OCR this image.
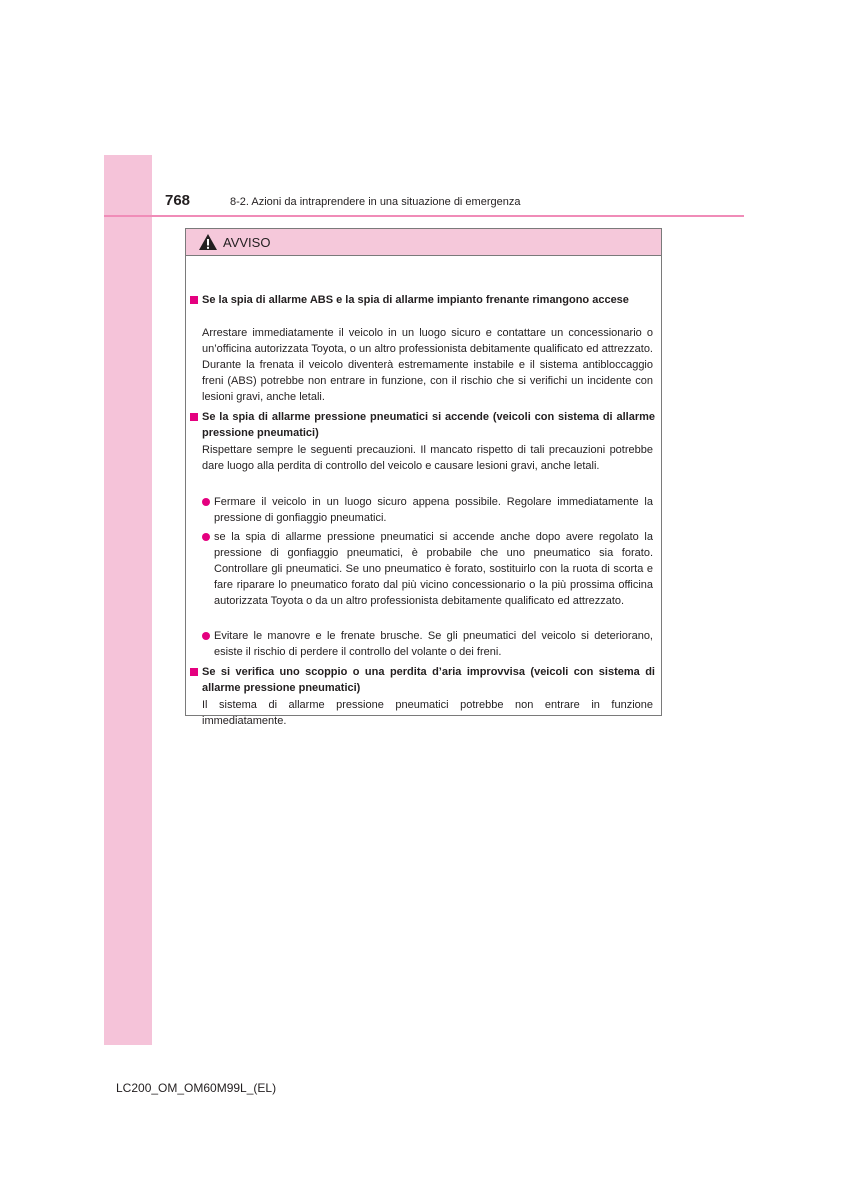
768	8-2. Azioni da intraprendere in una situazione di emergenza
AVVISO
Se la spia di allarme ABS e la spia di allarme impianto frenante rimangono accese
Arrestare immediatamente il veicolo in un luogo sicuro e contattare un concessionario o un’officina autorizzata Toyota, o un altro professionista debitamente qualificato ed attrezzato. Durante la frenata il veicolo diventerà estremamente instabile e il sistema antibloccaggio freni (ABS) potrebbe non entrare in funzione, con il rischio che si verifichi un incidente con lesioni gravi, anche letali.
Se la spia di allarme pressione pneumatici si accende (veicoli con sistema di allarme pressione pneumatici)
Rispettare sempre le seguenti precauzioni. Il mancato rispetto di tali precauzioni potrebbe dare luogo alla perdita di controllo del veicolo e causare lesioni gravi, anche letali.
Fermare il veicolo in un luogo sicuro appena possibile. Regolare immediatamente la pressione di gonfiaggio pneumatici.
se la spia di allarme pressione pneumatici si accende anche dopo avere regolato la pressione di gonfiaggio pneumatici, è probabile che uno pneumatico sia forato. Controllare gli pneumatici. Se uno pneumatico è forato, sostituirlo con la ruota di scorta e fare riparare lo pneumatico forato dal più vicino concessionario o la più prossima officina autorizzata Toyota o da un altro professionista debitamente qualificato ed attrezzato.
Evitare le manovre e le frenate brusche. Se gli pneumatici del veicolo si deteriorano, esiste il rischio di perdere il controllo del volante o dei freni.
Se si verifica uno scoppio o una perdita d’aria improvvisa (veicoli con sistema di allarme pressione pneumatici)
Il sistema di allarme pressione pneumatici potrebbe non entrare in funzione immediatamente.
LC200_OM_OM60M99L_(EL)
